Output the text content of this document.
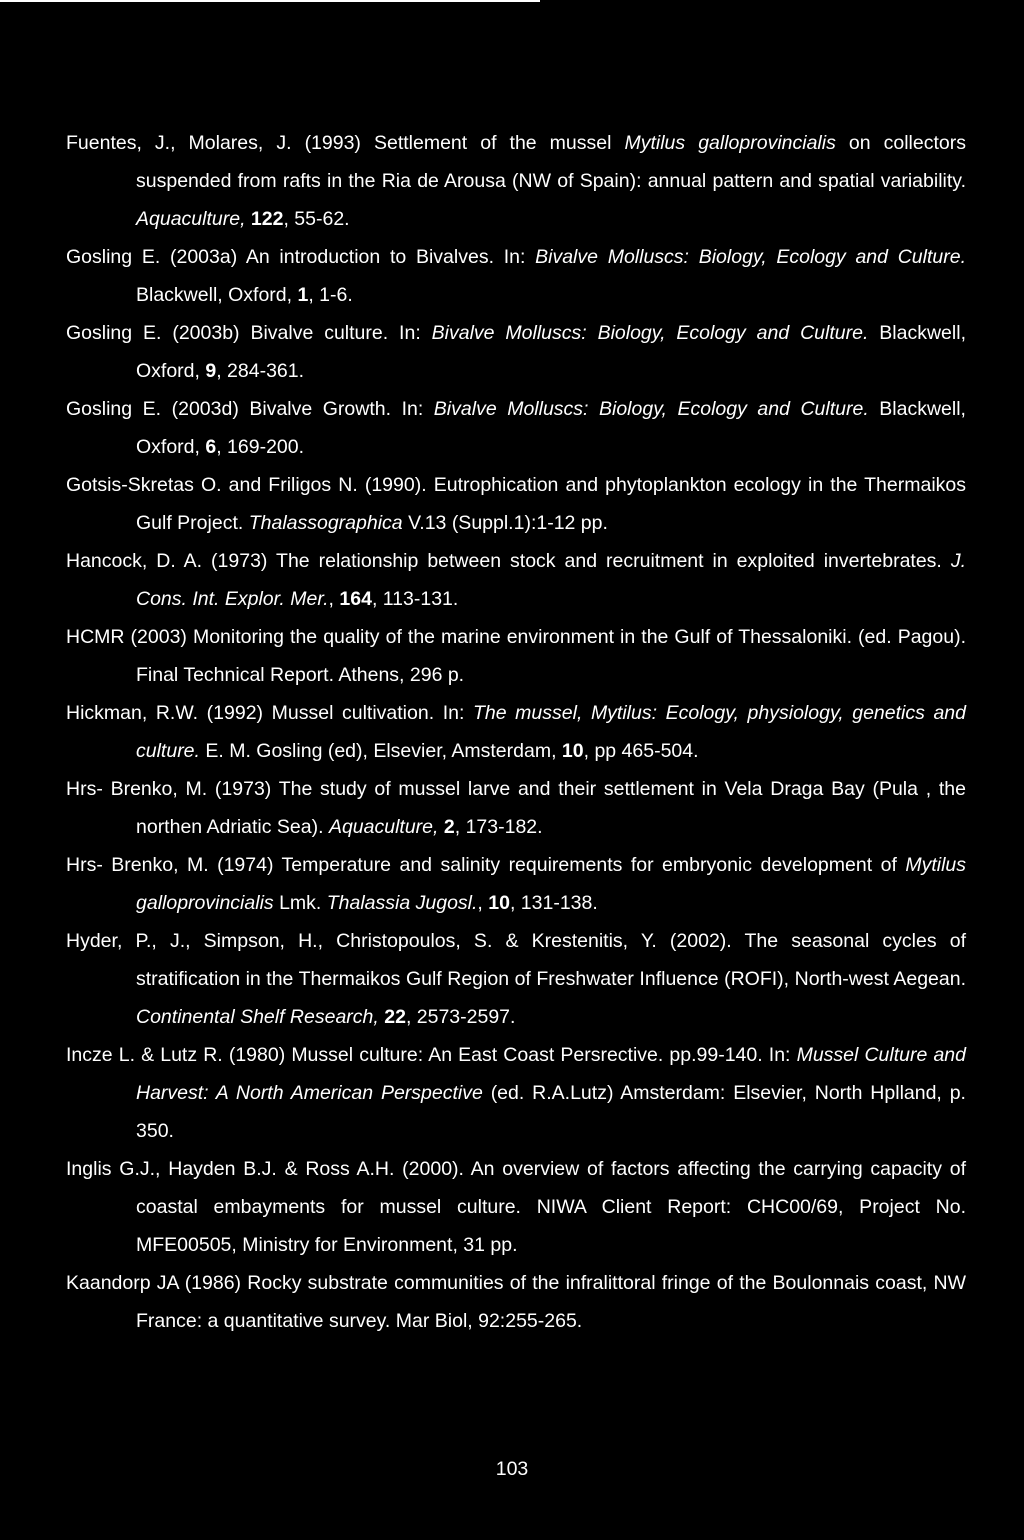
Fuentes, J., Molares, J. (1993) Settlement of the mussel Mytilus galloprovincialis on collectors suspended from rafts in the Ria de Arousa (NW of Spain): annual pattern and spatial variability. Aquaculture, 122, 55-62.

Gosling E. (2003a) An introduction to Bivalves. In: Bivalve Molluscs: Biology, Ecology and Culture. Blackwell, Oxford, 1, 1-6.

Gosling E. (2003b) Bivalve culture. In: Bivalve Molluscs: Biology, Ecology and Culture. Blackwell, Oxford, 9, 284-361.

Gosling E. (2003d) Bivalve Growth. In: Bivalve Molluscs: Biology, Ecology and Culture. Blackwell, Oxford, 6, 169-200.

Gotsis-Skretas O. and Friligos N. (1990). Eutrophication and phytoplankton ecology in the Thermaikos Gulf Project. Thalassographica V.13 (Suppl.1):1-12 pp.

Hancock, D. A. (1973) The relationship between stock and recruitment in exploited invertebrates. J. Cons. Int. Explor. Mer., 164, 113-131.

HCMR (2003) Monitoring the quality of the marine environment in the Gulf of Thessaloniki. (ed. Pagou). Final Technical Report. Athens, 296 p.

Hickman, R.W. (1992) Mussel cultivation. In: The mussel, Mytilus: Ecology, physiology, genetics and culture. E. M. Gosling (ed), Elsevier, Amsterdam, 10, pp 465-504.

Hrs- Brenko, M. (1973) The study of mussel larve and their settlement in Vela Draga Bay (Pula , the northen Adriatic Sea). Aquaculture, 2, 173-182.

Hrs- Brenko, M. (1974) Temperature and salinity requirements for embryonic development of Mytilus galloprovincialis Lmk. Thalassia Jugosl., 10, 131-138.

Hyder, P., J., Simpson, H., Christopoulos, S. & Krestenitis, Y. (2002). The seasonal cycles of stratification in the Thermaikos Gulf Region of Freshwater Influence (ROFI), North-west Aegean. Continental Shelf Research, 22, 2573-2597.

Incze L. & Lutz R. (1980) Mussel culture: An East Coast Persrective. pp.99-140. In: Mussel Culture and Harvest: A North American Perspective (ed. R.A.Lutz) Amsterdam: Elsevier, North Hplland, p. 350.

Inglis G.J., Hayden B.J. & Ross A.H. (2000). An overview of factors affecting the carrying capacity of coastal embayments for mussel culture. NIWA Client Report: CHC00/69, Project No. MFE00505, Ministry for Environment, 31 pp.

Kaandorp JA (1986) Rocky substrate communities of the infralittoral fringe of the Boulonnais coast, NW France: a quantitative survey. Mar Biol, 92:255-265.

103
